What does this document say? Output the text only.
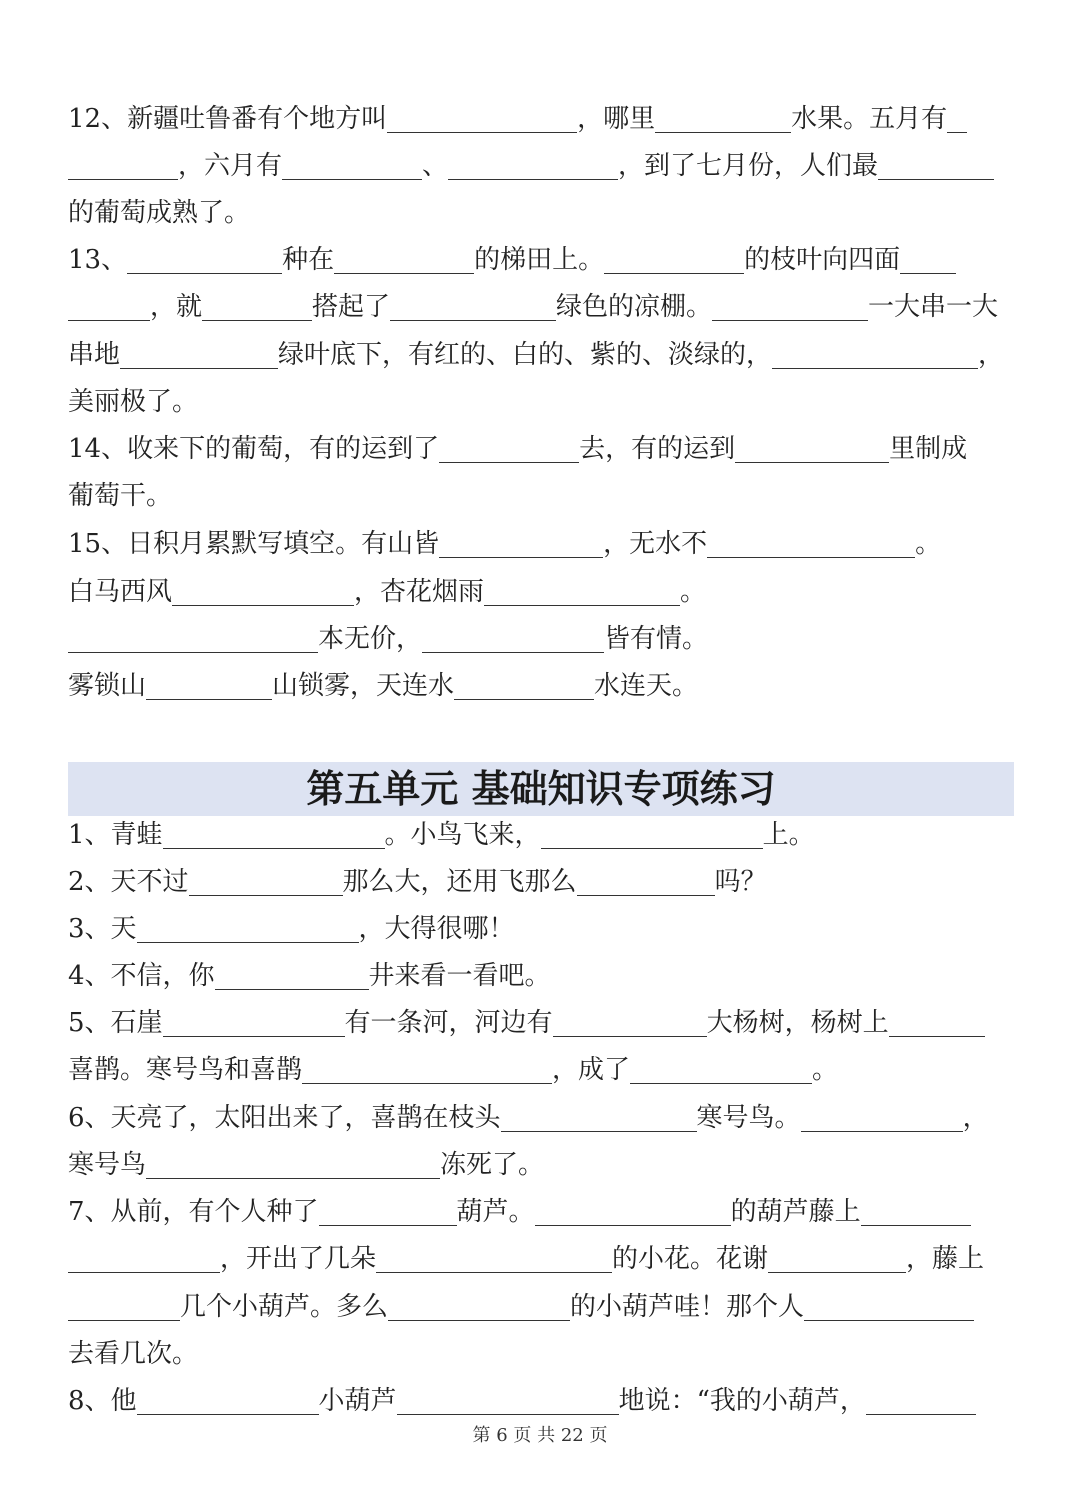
12、新疆吐鲁番有个地方叫	，哪里	水果。五月有
，六月有	、	，到了七月份，人们最
的葡萄成熟了。
13、	种在	的梯田上。	的枝叶向四面
，就	搭起了	绿色的凉棚。	一大串一大
串地	绿叶底下，有红的、白的、紫的、淡绿的，	，
美丽极了。
14、收来下的葡萄，有的运到了	去，有的运到	里制成
葡萄干。
15、日积月累默写填空。有山皆	，无水不	。
白马西风	，杏花烟雨	。
本无价，	皆有情。
雾锁山	山锁雾，天连水	水连天。
第五单元 基础知识专项练习
1、青蛙	。小鸟飞来，	上。
2、天不过	那么大，还用飞那么	吗？
3、天	，大得很哪！
4、不信，你	井来看一看吧。
5、石崖	有一条河，河边有	大杨树，杨树上
喜鹊。寒号鸟和喜鹊	，成了	。
6、天亮了，太阳出来了，喜鹊在枝头	寒号鸟。	，
寒号鸟	冻死了。
7、从前，有个人种了	葫芦。	的葫芦藤上
，开出了几朵	的小花。花谢	，藤上
几个小葫芦。多么	的小葫芦哇！那个人
去看几次。
8、他	小葫芦	地说：“我的小葫芦，
第 6 页 共 22 页
